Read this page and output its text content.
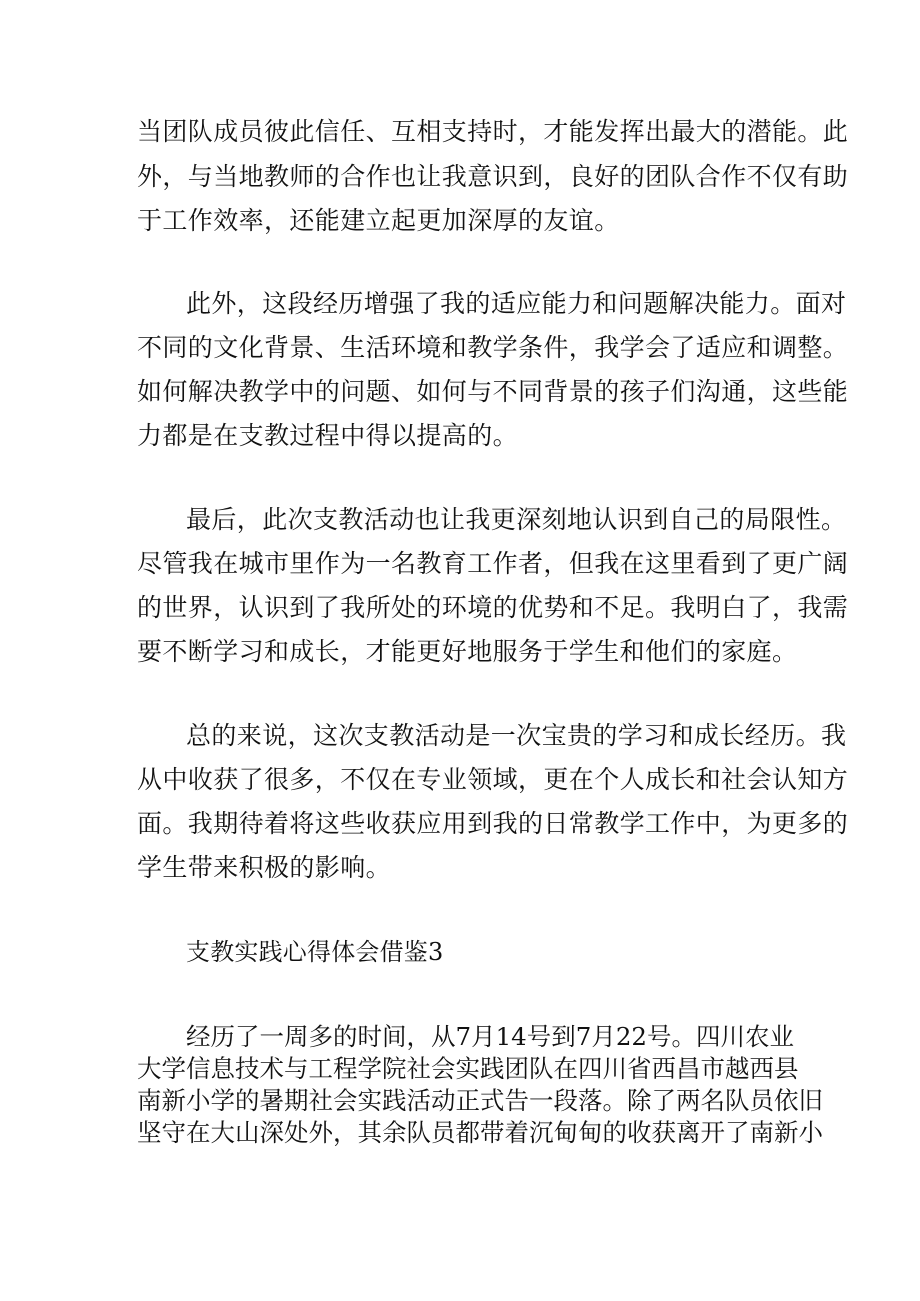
当团队成员彼此信任、互相支持时，才能发挥出最大的潜能。此
外，与当地教师的合作也让我意识到，良好的团队合作不仅有助
于工作效率，还能建立起更加深厚的友谊。
此外，这段经历增强了我的适应能力和问题解决能力。面对
不同的文化背景、生活环境和教学条件，我学会了适应和调整。
如何解决教学中的问题、如何与不同背景的孩子们沟通，这些能
力都是在支教过程中得以提高的。
最后，此次支教活动也让我更深刻地认识到自己的局限性。
尽管我在城市里作为一名教育工作者，但我在这里看到了更广阔
的世界，认识到了我所处的环境的优势和不足。我明白了，我需
要不断学习和成长，才能更好地服务于学生和他们的家庭。
总的来说，这次支教活动是一次宝贵的学习和成长经历。我
从中收获了很多，不仅在专业领域，更在个人成长和社会认知方
面。我期待着将这些收获应用到我的日常教学工作中，为更多的
学生带来积极的影响。
支教实践心得体会借鉴3
经历了一周多的时间，从7月14号到7月22号。四川农业
大学信息技术与工程学院社会实践团队在四川省西昌市越西县
南新小学的暑期社会实践活动正式告一段落。除了两名队员依旧
坚守在大山深处外，其余队员都带着沉甸甸的收获离开了南新小
